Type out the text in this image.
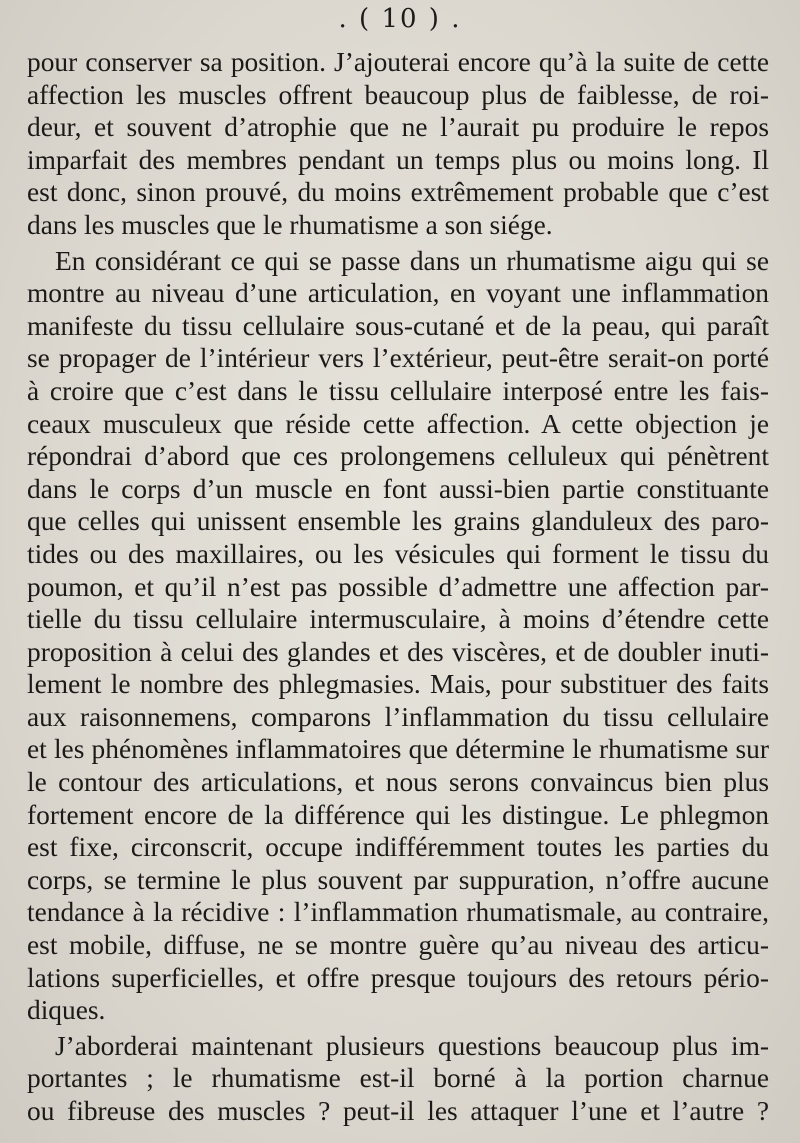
. ( 10 ) .
pour conserver sa position. J’ajouterai encore qu’à la suite de cette
affection les muscles offrent beaucoup plus de faiblesse, de roi-
deur, et souvent d’atrophie que ne l’aurait pu produire le repos
imparfait des membres pendant un temps plus ou moins long. Il
est donc, sinon prouvé, du moins extrêmement probable que c’est
dans les muscles que le rhumatisme a son siége.
En considérant ce qui se passe dans un rhumatisme aigu qui se
montre au niveau d’une articulation, en voyant une inflammation
manifeste du tissu cellulaire sous-cutané et de la peau, qui paraît
se propager de l’intérieur vers l’extérieur, peut-être serait-on porté
à croire que c’est dans le tissu cellulaire interposé entre les fais-
ceaux musculeux que réside cette affection. A cette objection je
répondrai d’abord que ces prolongemens celluleux qui pénètrent
dans le corps d’un muscle en font aussi-bien partie constituante
que celles qui unissent ensemble les grains glanduleux des paro-
tides ou des maxillaires, ou les vésicules qui forment le tissu du
poumon, et qu’il n’est pas possible d’admettre une affection par-
tielle du tissu cellulaire intermusculaire, à moins d’étendre cette
proposition à celui des glandes et des viscères, et de doubler inuti-
lement le nombre des phlegmasies. Mais, pour substituer des faits
aux raisonnemens, comparons l’inflammation du tissu cellulaire
et les phénomènes inflammatoires que détermine le rhumatisme sur
le contour des articulations, et nous serons convaincus bien plus
fortement encore de la différence qui les distingue. Le phlegmon
est fixe, circonscrit, occupe indifféremment toutes les parties du
corps, se termine le plus souvent par suppuration, n’offre aucune
tendance à la récidive : l’inflammation rhumatismale, au contraire,
est mobile, diffuse, ne se montre guère qu’au niveau des articu-
lations superficielles, et offre presque toujours des retours pério-
diques.
J’aborderai maintenant plusieurs questions beaucoup plus im-
portantes ; le rhumatisme est-il borné à la portion charnue
ou fibreuse des muscles ? peut-il les attaquer l’une et l’autre ?
